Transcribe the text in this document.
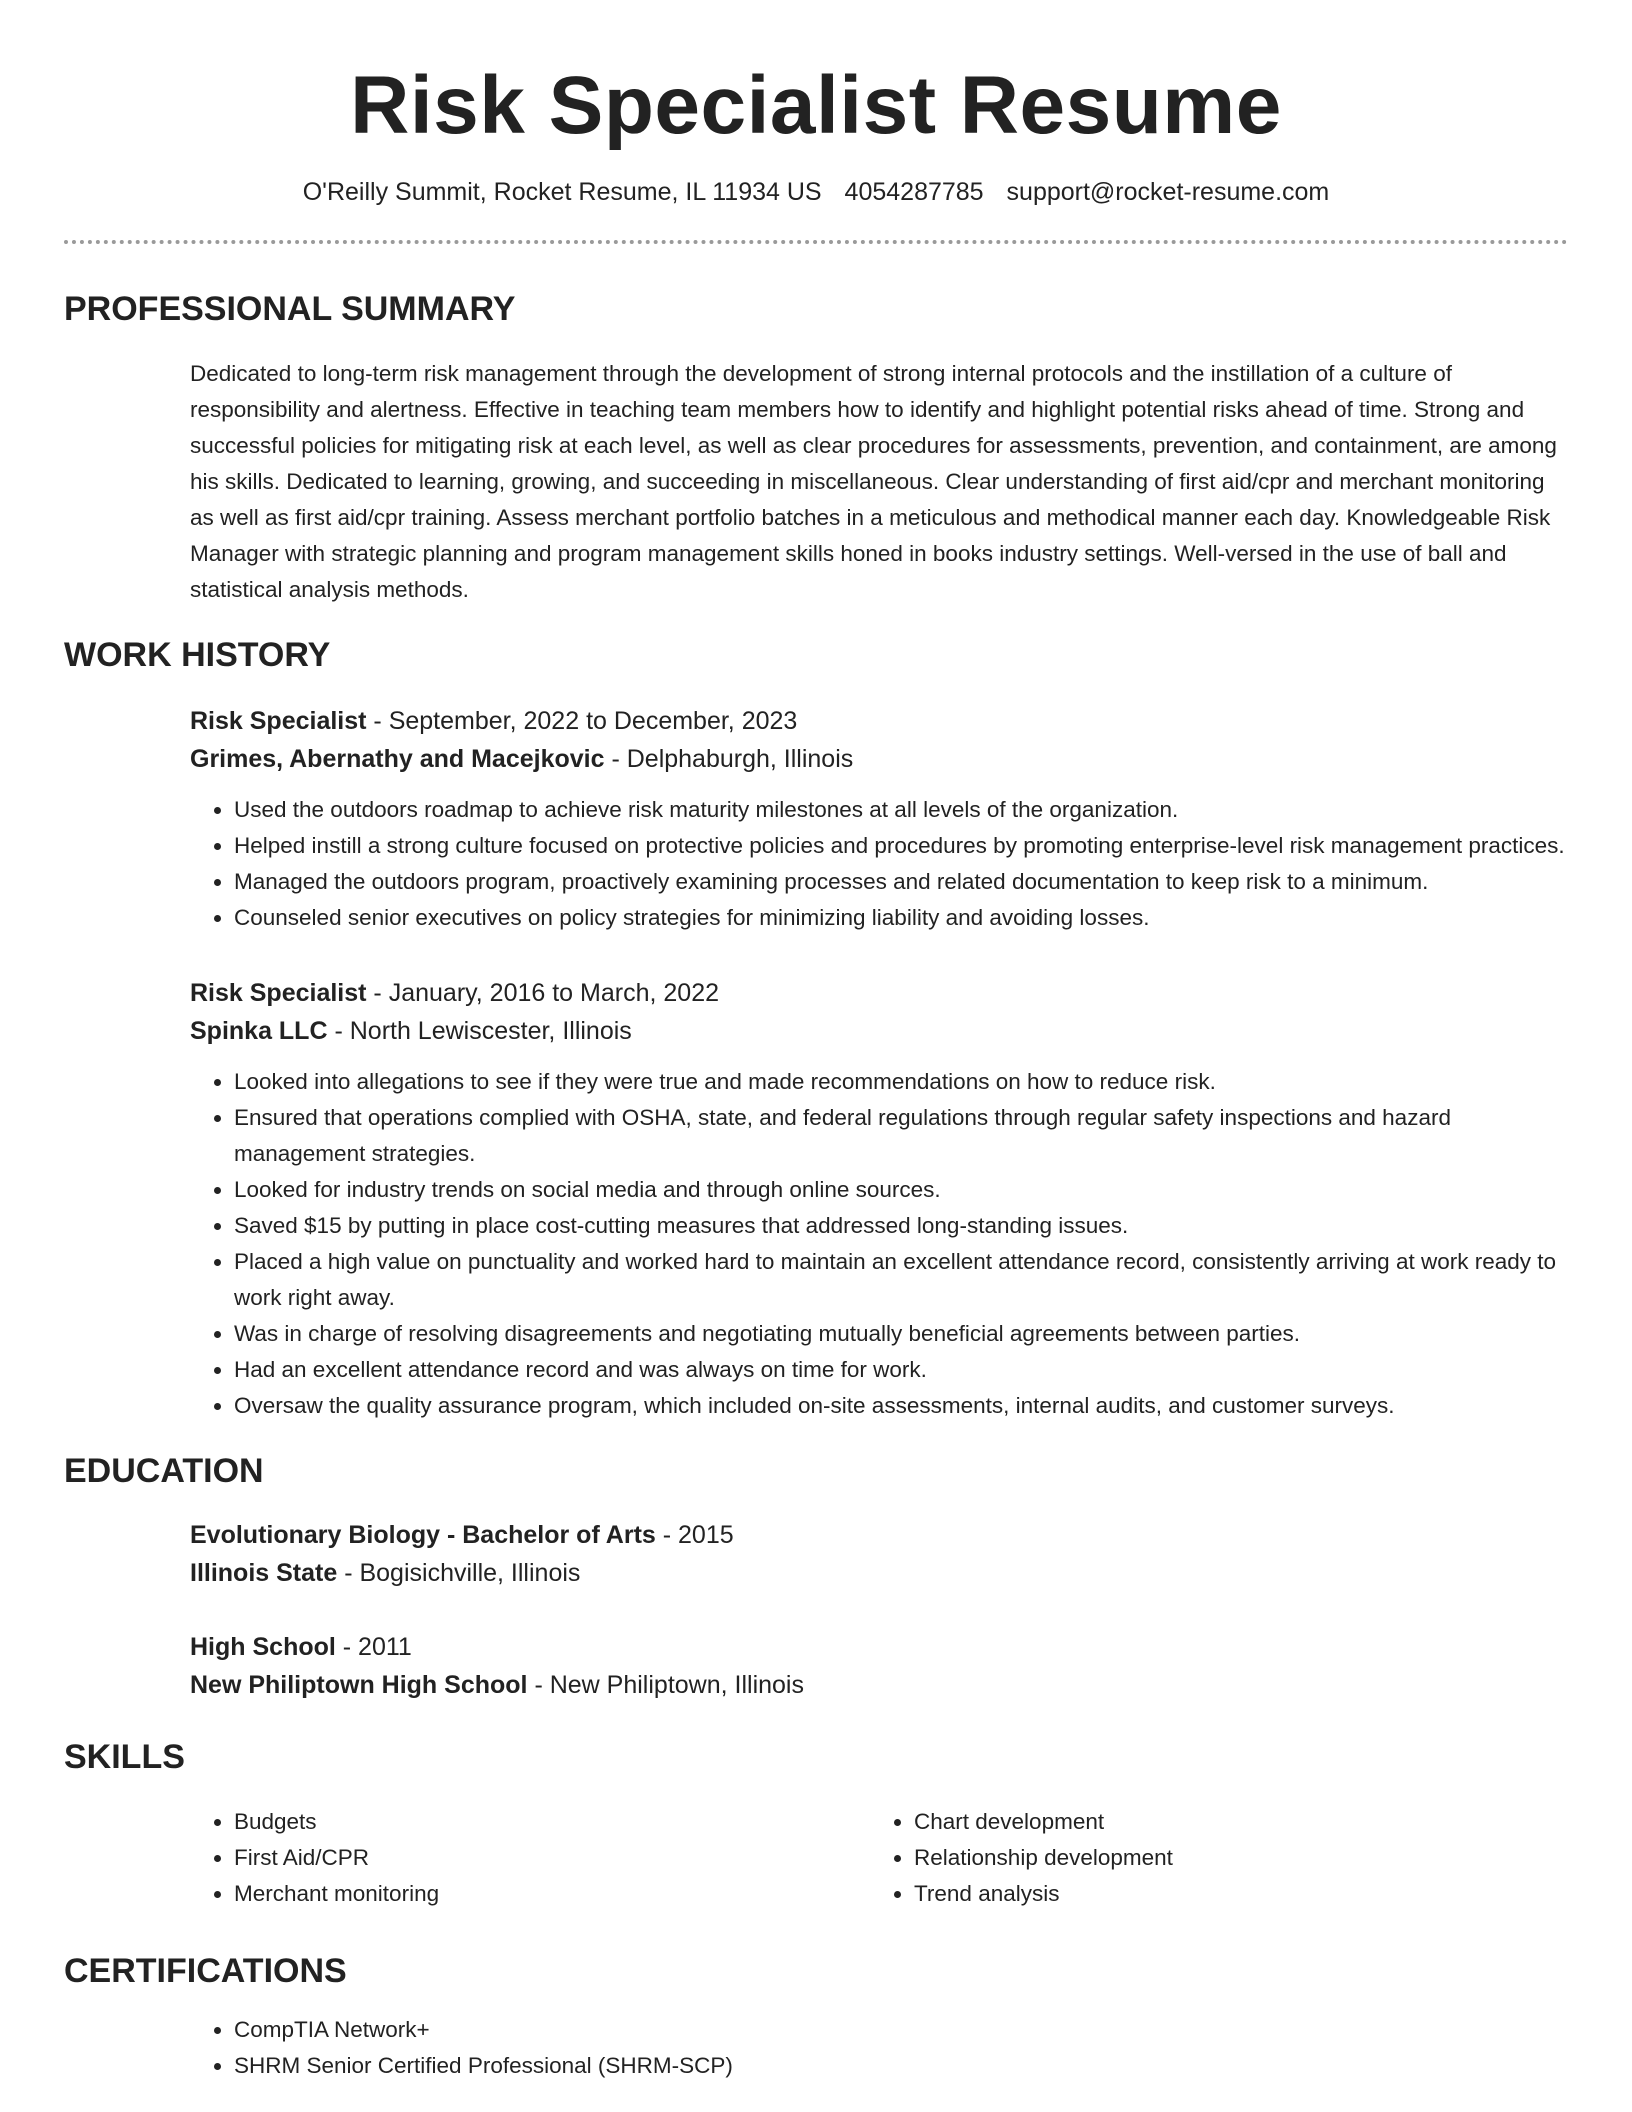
Risk Specialist Resume
O'Reilly Summit, Rocket Resume, IL 11934 US 4054287785 support@rocket-resume.com
PROFESSIONAL SUMMARY

Dedicated to long-term risk management through the development of strong internal protocols and the instillation of a culture of responsibility and alertness. Effective in teaching team members how to identify and highlight potential risks ahead of time. Strong and successful policies for mitigating risk at each level, as well as clear procedures for assessments, prevention, and containment, are among his skills. Dedicated to learning, growing, and succeeding in miscellaneous. Clear understanding of first aid/cpr and merchant monitoring as well as first aid/cpr training. Assess merchant portfolio batches in a meticulous and methodical manner each day. Knowledgeable Risk Manager with strategic planning and program management skills honed in books industry settings. Well-versed in the use of ball and statistical analysis methods.

WORK HISTORY
Risk Specialist - September, 2022 to December, 2023
Grimes, Abernathy and Macejkovic - Delphaburgh, Illinois
• Used the outdoors roadmap to achieve risk maturity milestones at all levels of the organization.
• Helped instill a strong culture focused on protective policies and procedures by promoting enterprise-level risk management practices.
• Managed the outdoors program, proactively examining processes and related documentation to keep risk to a minimum.
• Counseled senior executives on policy strategies for minimizing liability and avoiding losses.
Risk Specialist - January, 2016 to March, 2022
Spinka LLC - North Lewiscester, Illinois
• Looked into allegations to see if they were true and made recommendations on how to reduce risk.
• Ensured that operations complied with OSHA, state, and federal regulations through regular safety inspections and hazard management strategies.
• Looked for industry trends on social media and through online sources.
• Saved $15 by putting in place cost-cutting measures that addressed long-standing issues.
• Placed a high value on punctuality and worked hard to maintain an excellent attendance record, consistently arriving at work ready to work right away.
• Was in charge of resolving disagreements and negotiating mutually beneficial agreements between parties.
• Had an excellent attendance record and was always on time for work.
• Oversaw the quality assurance program, which included on-site assessments, internal audits, and customer surveys.
EDUCATION
Evolutionary Biology - Bachelor of Arts - 2015
Illinois State - Bogisichville, Illinois
High School - 2011
New Philiptown High School - New Philiptown, Illinois
SKILLS
• Budgets
• First Aid/CPR
• Merchant monitoring
• Chart development
• Relationship development
• Trend analysis
CERTIFICATIONS
• CompTIA Network+
• SHRM Senior Certified Professional (SHRM-SCP)
